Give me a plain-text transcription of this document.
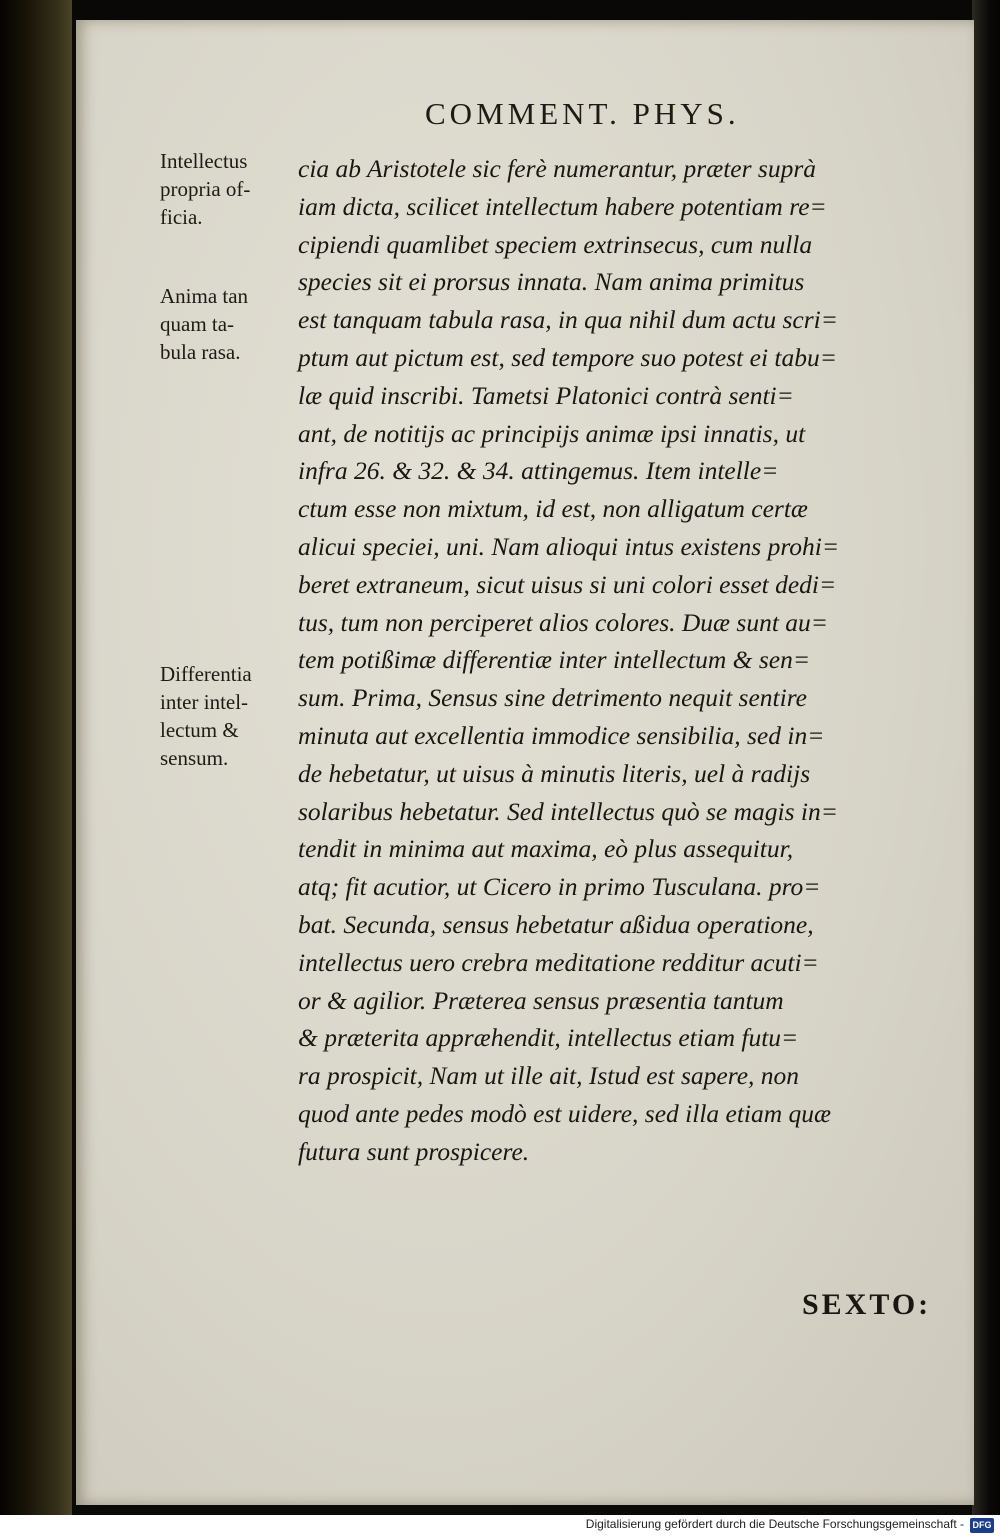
COMMENT. PHYS.
Intellectus
propria of-
ficia.
Anima tan
quam ta-
bula rasa.
Differentia
inter intel-
lectum &
sensum.
cia ab Aristotele sic ferè numerantur, præter suprà
iam dicta, scilicet intellectum habere potentiam re=
cipiendi quamlibet speciem extrinsecus, cum nulla
species sit ei prorsus innata. Nam anima primitus
est tanquam tabula rasa, in qua nihil dum actu scri=
ptum aut pictum est, sed tempore suo potest ei tabu=
læ quid inscribi. Tametsi Platonici contrà senti=
ant, de notitijs ac principijs animæ ipsi innatis, ut
infra 26. & 32. & 34. attingemus. Item intelle=
ctum esse non mixtum, id est, non alligatum certæ
alicui speciei, uni. Nam alioqui intus existens prohi=
beret extraneum, sicut uisus si uni colori esset dedi=
tus, tum non perciperet alios colores. Duæ sunt au=
tem potißimæ differentiæ inter intellectum & sen=
sum. Prima, Sensus sine detrimento nequit sentire
minuta aut excellentia immodice sensibilia, sed in=
de hebetatur, ut uisus à minutis literis, uel à radijs
solaribus hebetatur. Sed intellectus quò se magis in=
tendit in minima aut maxima, eò plus assequitur,
atq; fit acutior, ut Cicero in primo Tusculana. pro=
bat. Secunda, sensus hebetatur aßidua operatione,
intellectus uero crebra meditatione redditur acuti=
or & agilior. Præterea sensus præsentia tantum
& præterita appræhendit, intellectus etiam futu=
ra prospicit, Nam ut ille ait, Istud est sapere, non
quod ante pedes modò est uidere, sed illa etiam quæ
futura sunt prospicere.
SEXTO:
Digitalisierung gefördert durch die Deutsche Forschungsgemeinschaft - DFG
